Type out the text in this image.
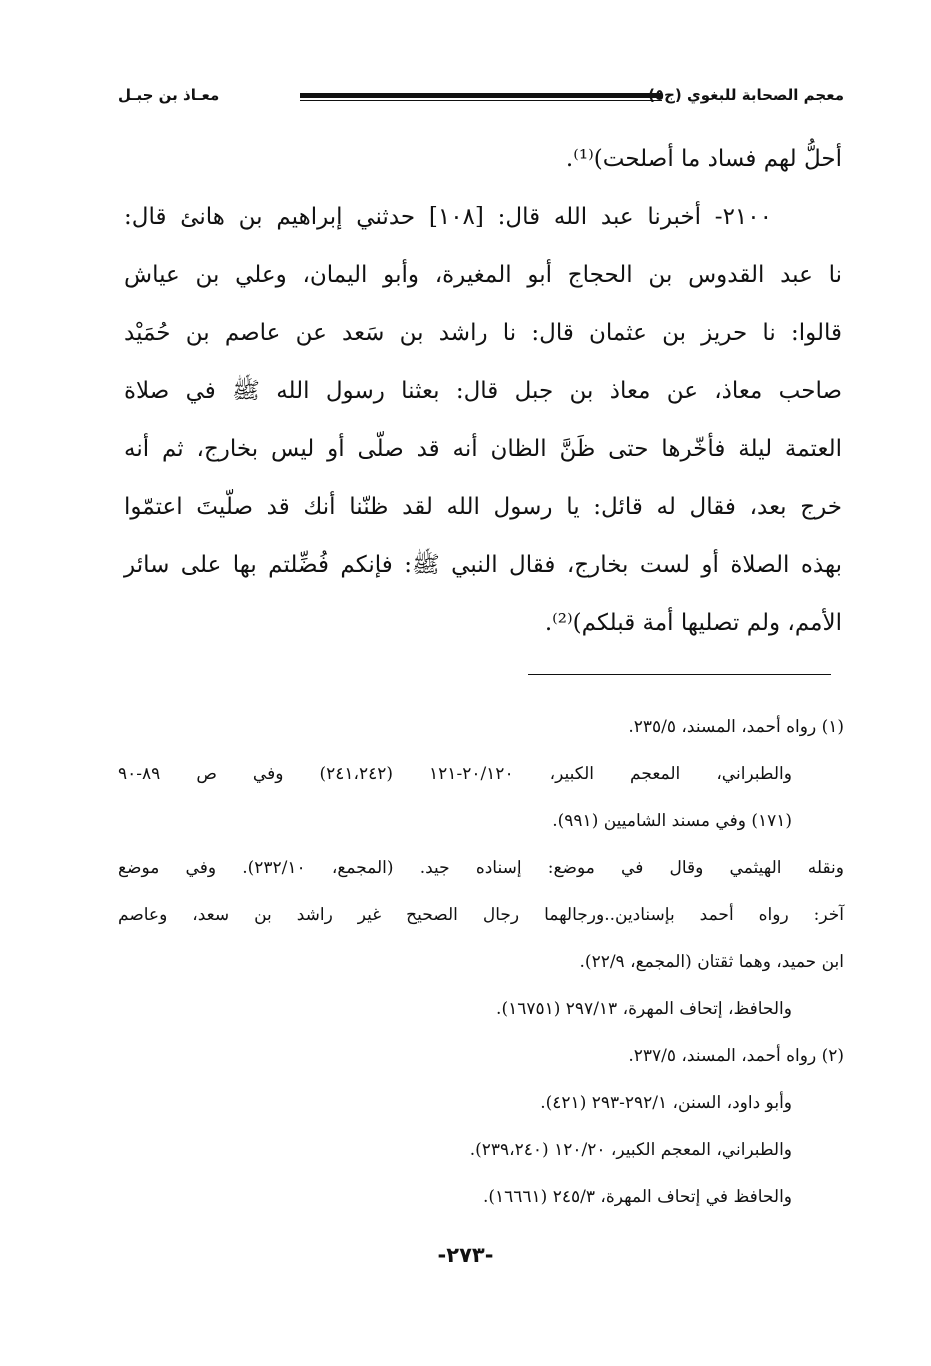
معجم الصحابة للبغوي (ج٥)
معـاذ بن جبـل
أحلُّ لهم فساد ما أصلحت)⁽¹⁾.
٢١٠٠- أخبرنا عبد الله قال: [١٠٨] حدثني إبراهيم بن هانئ قال:
نا عبد القدوس بن الحجاج أبو المغيرة، وأبو اليمان، وعلي بن عياش
قالوا: نا حريز بن عثمان قال: نا راشد بن سَعد عن عاصم بن حُمَيْد
صاحب معاذ، عن معاذ بن جبل قال: بعثنا رسول الله ﷺ في صلاة
العتمة ليلة فأخّرها حتى ظَنَّ الظان أنه قد صلّى أو ليس بخارج، ثم أنه
خرج بعد، فقال له قائل: يا رسول الله لقد ظنّنا أنك قد صلّيتَ اعتمّوا
بهذه الصلاة أو لست بخارج، فقال النبي ﷺ: فإنكم فُضِّلتم بها على سائر
الأمم، ولم تصليها أمة قبلكم)⁽²⁾.
(١) رواه أحمد، المسند، ٢٣٥/٥.
والطبراني، المعجم الكبير، ٢٠/١٢٠-١٢١ (٢٤١،٢٤٢) وفي ص ٨٩-٩٠
(١٧١) وفي مسند الشاميين (٩٩١).
ونقله الهيثمي وقال في موضع: إسناده جيد. (المجمع، ٢٣٢/١٠). وفي موضع
آخر: رواه أحمد بإسنادين..ورجالهما رجال الصحيح غير راشد بن سعد، وعاصم
ابن حميد، وهما ثقتان (المجمع، ٢٢/٩).
والحافظ، إتحاف المهرة، ٢٩٧/١٣ (١٦٧٥١).
(٢) رواه أحمد، المسند، ٢٣٧/٥.
وأبو داود، السنن، ٢٩٢/١-٢٩٣ (٤٢١).
والطبراني، المعجم الكبير، ١٢٠/٢٠ (٢٣٩،٢٤٠).
والحافظ في إتحاف المهرة، ٢٤٥/٣ (١٦٦٦١).
-٢٧٣-
